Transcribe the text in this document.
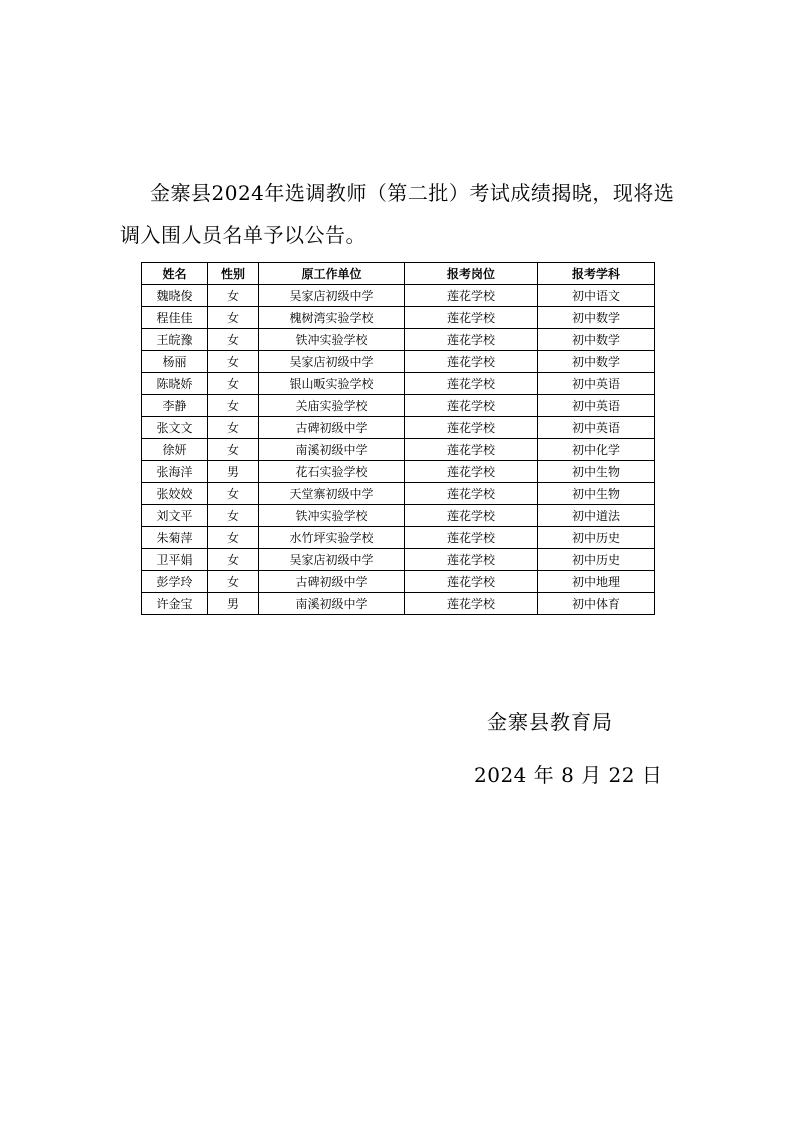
金寨县2024年选调教师（第二批）考试成绩揭晓，现将选调入围人员名单予以公告。

姓名	性别	原工作单位	报考岗位	报考学科
魏晓俊	女	吴家店初级中学	莲花学校	初中语文
程佳佳	女	槐树湾实验学校	莲花学校	初中数学
王皖豫	女	铁冲实验学校	莲花学校	初中数学
杨丽	女	吴家店初级中学	莲花学校	初中数学
陈晓娇	女	银山畈实验学校	莲花学校	初中英语
李静	女	关庙实验学校	莲花学校	初中英语
张文文	女	古碑初级中学	莲花学校	初中英语
徐妍	女	南溪初级中学	莲花学校	初中化学
张海洋	男	花石实验学校	莲花学校	初中生物
张姣姣	女	天堂寨初级中学	莲花学校	初中生物
刘文平	女	铁冲实验学校	莲花学校	初中道法
朱菊萍	女	水竹坪实验学校	莲花学校	初中历史
卫平娟	女	吴家店初级中学	莲花学校	初中历史
彭学玲	女	古碑初级中学	莲花学校	初中地理
许金宝	男	南溪初级中学	莲花学校	初中体育

金寨县教育局

2024 年 8 月 22 日
